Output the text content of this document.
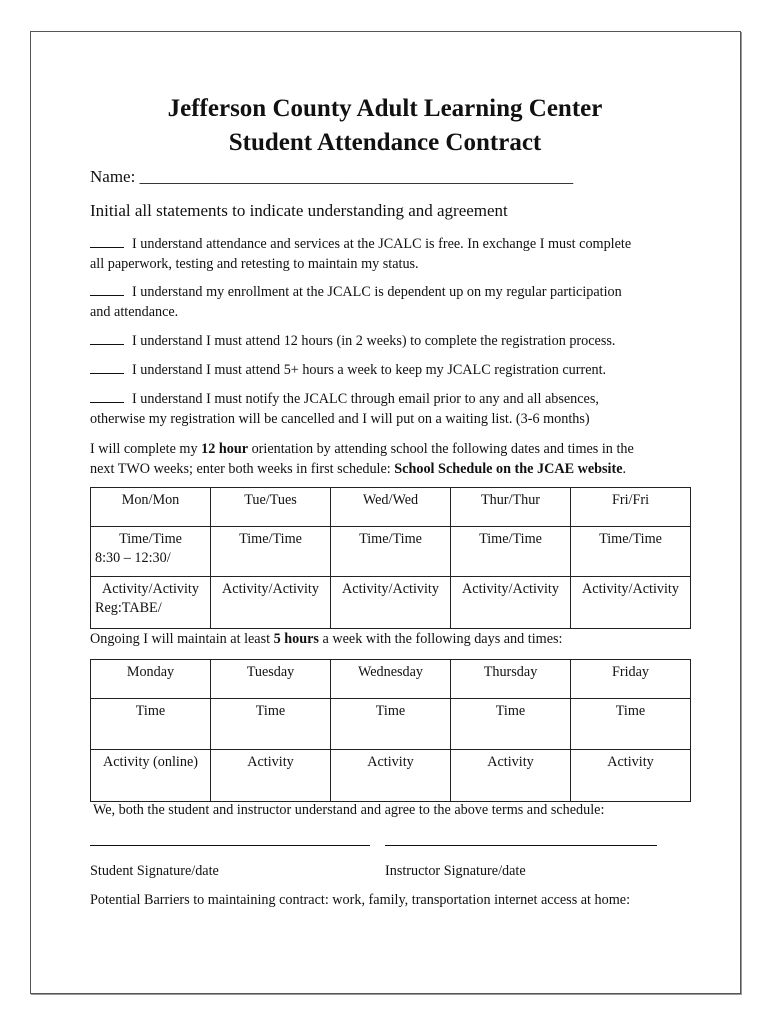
Jefferson County Adult Learning Center
Student Attendance Contract
Name: ___________________________________________________
Initial all statements to indicate understanding and agreement
I understand attendance and services at the JCALC is free. In exchange I must complete
all paperwork, testing and retesting to maintain my status.
I understand my enrollment at the JCALC is dependent up on my regular participation
and attendance.
I understand I must attend 12 hours (in 2 weeks) to complete the registration process.
I understand I must attend 5+ hours a week to keep my JCALC registration current.
I understand I must notify the JCALC through email prior to any and all absences,
otherwise my registration will be cancelled and I will put on a waiting list. (3-6 months)
I will complete my 12 hour orientation by attending school the following dates and times in the
next TWO weeks; enter both weeks in first schedule: School Schedule on the JCAE website.
Mon/Mon	Tue/Tues	Wed/Wed	Thur/Thur	Fri/Fri

Time/Time
8:30 – 12:30/	Time/Time	Time/Time	Time/Time	Time/Time

Activity/Activity
Reg:TABE/	Activity/Activity	Activity/Activity	Activity/Activity	Activity/Activity
Ongoing I will maintain at least 5 hours a week with the following days and times:
Monday	Tuesday	Wednesday	Thursday	Friday
Time	Time	Time	Time	Time
Activity (online)	Activity	Activity	Activity	Activity
We, both the student and instructor understand and agree to the above terms and schedule:
Student Signature/date	Instructor Signature/date
Potential Barriers to maintaining contract: work, family, transportation internet access at home:
